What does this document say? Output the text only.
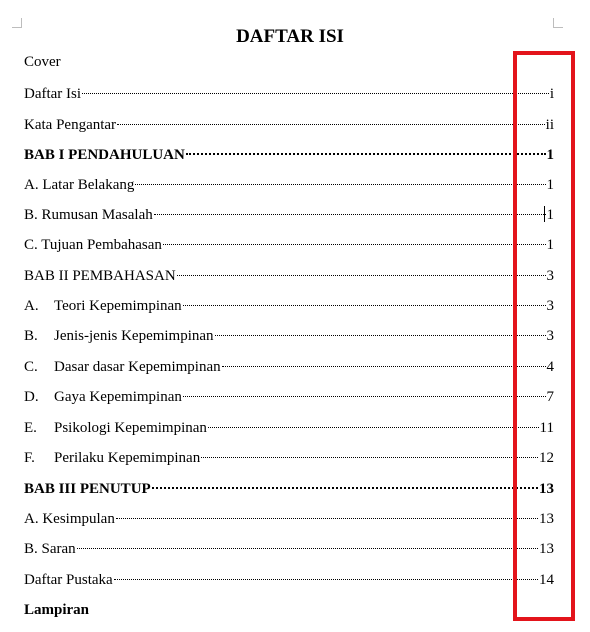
DAFTAR ISI
Cover
Daftar Isi	i
Kata Pengantar	ii
BAB I PENDAHULUAN	1
A. Latar Belakang	1
B. Rumusan Masalah	1
C. Tujuan Pembahasan	1
BAB II PEMBAHASAN	3
A. Teori Kepemimpinan	3
B. Jenis-jenis Kepemimpinan	3
C. Dasar dasar Kepemimpinan	4
D. Gaya Kepemimpinan	7
E. Psikologi Kepemimpinan	11
F. Perilaku Kepemimpinan	12
BAB III PENUTUP	13
A. Kesimpulan	13
B. Saran	13
Daftar Pustaka	14
Lampiran
